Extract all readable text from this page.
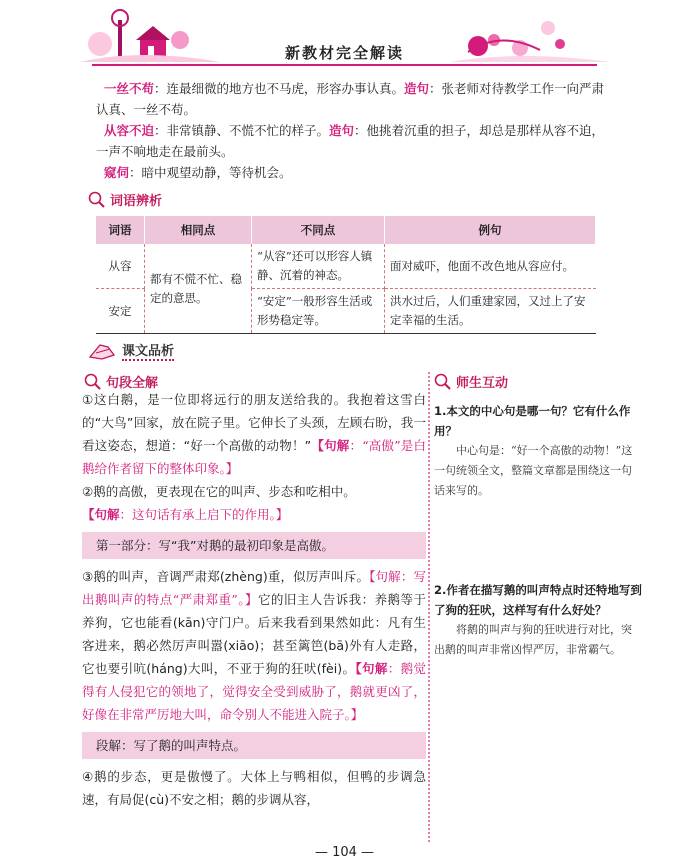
新教材完全解读
一丝不苟：连最细微的地方也不马虎，形容办事认真。造句：张老师对待教学工作一向严肃认真、一丝不苟。
从容不迫：非常镇静、不慌不忙的样子。造句：他挑着沉重的担子，却总是那样从容不迫，一声不响地走在最前头。
窥伺：暗中观望动静，等待机会。
词语辨析
词语	相同点	不同点	例句
从容	都有不慌不忙、稳定的意思。	“从容”还可以形容人镇静、沉着的神态。	面对威吓，他面不改色地从容应付。
安定		“安定”一般形容生活或形势稳定等。	洪水过后，人们重建家园，又过上了安定幸福的生活。
课文品析
句段全解
①这白鹅，是一位即将远行的朋友送给我的。我抱着这雪白的“大鸟”回家，放在院子里。它伸长了头颈，左顾右盼，我一看这姿态，想道：“好一个高傲的动物！”【句解：“高傲”是白鹅给作者留下的整体印象。】
②鹅的高傲，更表现在它的叫声、步态和吃相中。
【句解：这句话有承上启下的作用。】
第一部分：写“我”对鹅的最初印象是高傲。
③鹅的叫声，音调严肃郑(zhèng)重，似厉声叫斥。【句解：写出鹅叫声的特点“严肃郑重”。】它的旧主人告诉我：养鹅等于养狗，它也能看(kān)守门户。后来我看到果然如此：凡有生客进来，鹅必然厉声叫嚣(xiāo)；甚至篱笆(bā)外有人走路，它也要引吭(háng)大叫，不亚于狗的狂吠(fèi)。【句解：鹅觉得有人侵犯它的领地了，觉得安全受到威胁了，鹅就更凶了，好像在非常严厉地大叫，命令别人不能进入院子。】
段解：写了鹅的叫声特点。
④鹅的步态，更是傲慢了。大体上与鸭相似，但鸭的步调急速，有局促(cù)不安之相；鹅的步调从容，
师生互动
1.本文的中心句是哪一句？它有什么作用？
中心句是：“好一个高傲的动物！”这一句统领全文，整篇文章都是围绕这一句话来写的。
2.作者在描写鹅的叫声特点时还特地写到了狗的狂吠，这样写有什么好处？
将鹅的叫声与狗的狂吠进行对比，突出鹅的叫声非常凶悍严厉，非常霸气。
— 104 —
